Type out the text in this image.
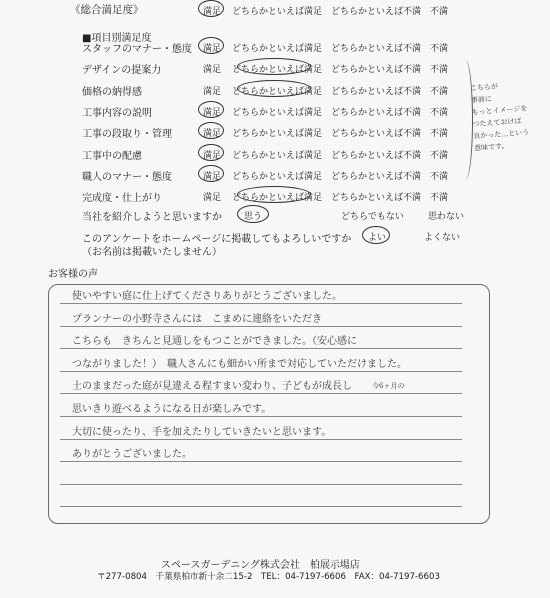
《総合満足度》	満足 どちらかといえば満足 どちらかといえば不満 不満
■項目別満足度
スタッフのマナー・態度 満足 どちらかといえば満足 どちらかといえば不満 不満
デザインの提案力	満足 どちらかといえば満足 どちらかといえば不満 不満
価格の納得感	満足 どちらかといえば満足 どちらかといえば不満 不満
工事内容の説明	満足 どちらかといえば満足 どちらかといえば不満 不満
工事の段取り・管理	満足 どちらかといえば満足 どちらかといえば不満 不満
工事中の配慮	満足 どちらかといえば満足 どちらかといえば不満 不満
職人のマナー・態度	満足 どちらかといえば満足 どちらかといえば不満 不満
完成度・仕上がり	満足 どちらかといえば満足 どちらかといえば不満 不満
当社を紹介しようと思いますか 思う	どちらでもない	思わない
このアンケートをホームページに掲載してもよろしいですか
（お名前は掲載いたしません）
よい	よくない
こちらが
事前に
もっとイメージを
つたえておけば
良かった…という
意味です。
お客様の声
使いやすい庭に仕上げてくださりありがとうございました。
プランナーの小野寺さんには　こまめに連絡をいただき
こちらも　きちんと見通しをもつことができました。（安心感に
つながりました！）　職人さんにも細かい所まで対応していただけました。
土のままだった庭が見違える程すまい変わり、子どもが成長し
思いきり遊べるようになる日が楽しみです。
大切に使ったり、手を加えたりしていきたいと思います。
ありがとうございました。
今6ヶ月の
スペースガーデニング株式会社　柏展示場店
〒277-0804　千葉県柏市新十余二15-2　TEL：04-7197-6606　FAX：04-7197-6603
